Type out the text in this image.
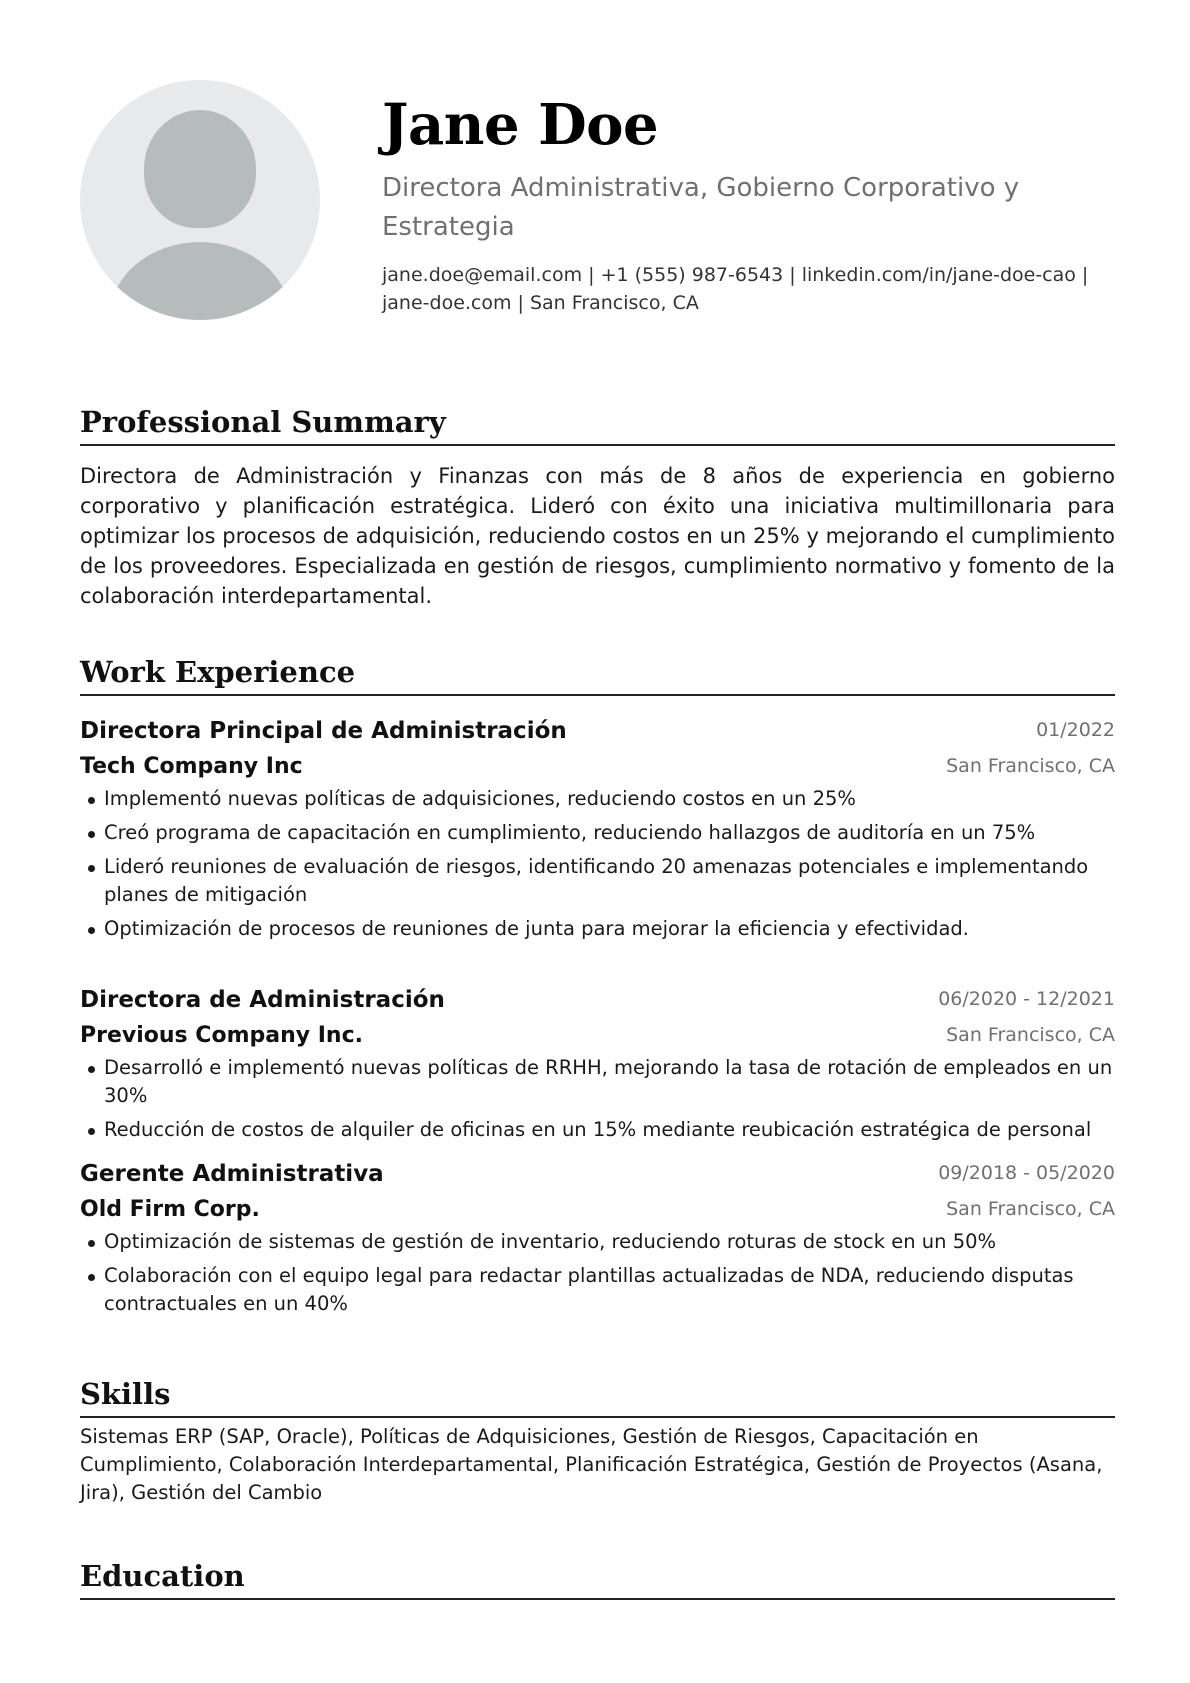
Jane Doe
Directora Administrativa, Gobierno Corporativo y Estrategia
jane.doe@email.com | +1 (555) 987-6543 | linkedin.com/in/jane-doe-cao | jane-doe.com | San Francisco, CA
Professional Summary
Directora de Administración y Finanzas con más de 8 años de experiencia en gobierno corporativo y planificación estratégica. Lideró con éxito una iniciativa multimillonaria para optimizar los procesos de adquisición, reduciendo costos en un 25% y mejorando el cumplimiento de los proveedores. Especializada en gestión de riesgos, cumplimiento normativo y fomento de la colaboración interdepartamental.
Work Experience
Directora Principal de Administración	01/2022
Tech Company Inc	San Francisco, CA
Implementó nuevas políticas de adquisiciones, reduciendo costos en un 25%
Creó programa de capacitación en cumplimiento, reduciendo hallazgos de auditoría en un 75%
Lideró reuniones de evaluación de riesgos, identificando 20 amenazas potenciales e implementando planes de mitigación
Optimización de procesos de reuniones de junta para mejorar la eficiencia y efectividad.
Directora de Administración	06/2020 - 12/2021
Previous Company Inc.	San Francisco, CA
Desarrolló e implementó nuevas políticas de RRHH, mejorando la tasa de rotación de empleados en un 30%
Reducción de costos de alquiler de oficinas en un 15% mediante reubicación estratégica de personal
Gerente Administrativa	09/2018 - 05/2020
Old Firm Corp.	San Francisco, CA
Optimización de sistemas de gestión de inventario, reduciendo roturas de stock en un 50%
Colaboración con el equipo legal para redactar plantillas actualizadas de NDA, reduciendo disputas contractuales en un 40%
Skills
Sistemas ERP (SAP, Oracle), Políticas de Adquisiciones, Gestión de Riesgos, Capacitación en Cumplimiento, Colaboración Interdepartamental, Planificación Estratégica, Gestión de Proyectos (Asana, Jira), Gestión del Cambio
Education
